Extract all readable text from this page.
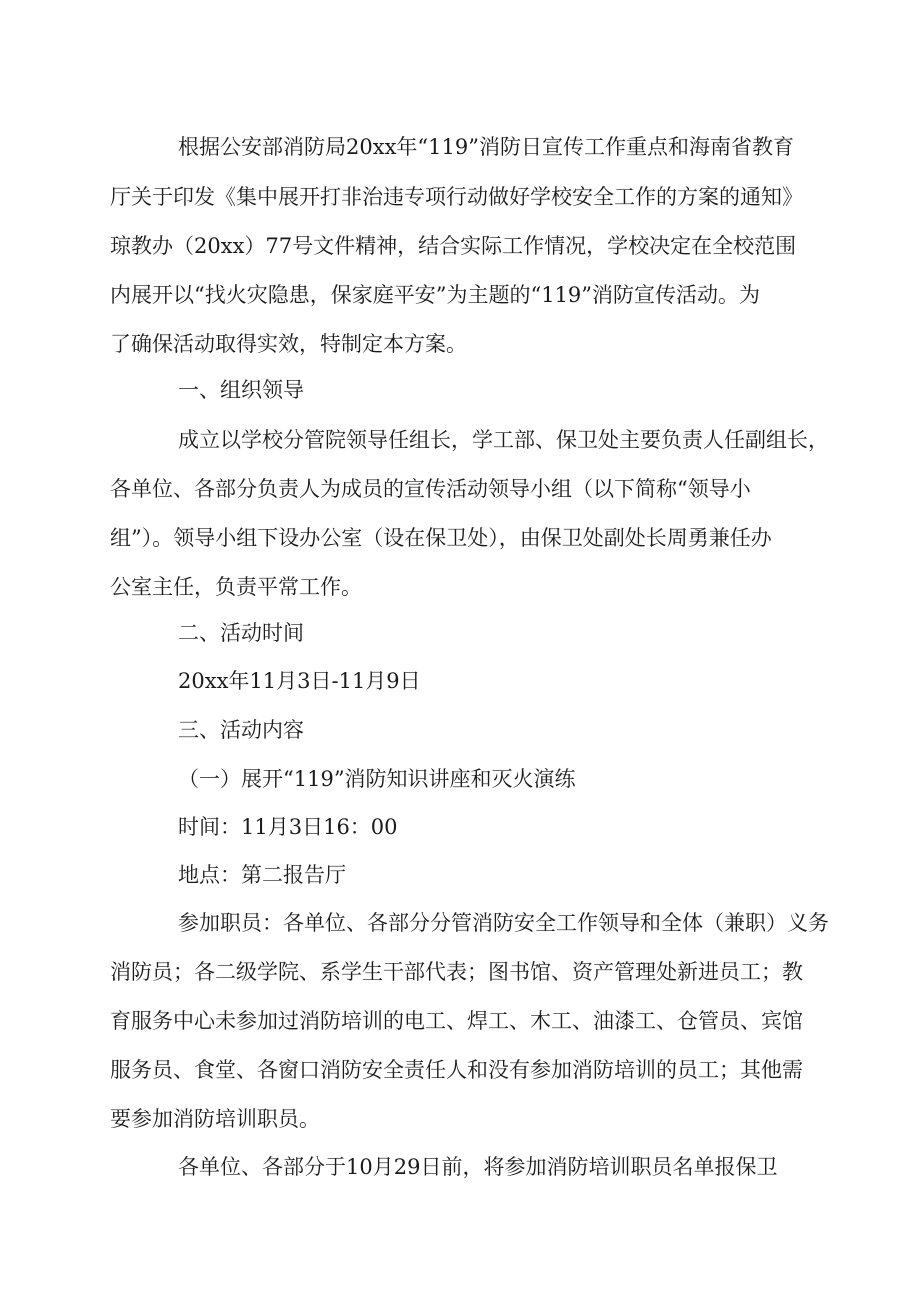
根据公安部消防局20xx年“119”消防日宣传工作重点和海南省教育
厅关于印发《集中展开打非治违专项行动做好学校安全工作的方案的通知》
琼教办（20xx）77号文件精神，结合实际工作情况，学校决定在全校范围
内展开以“找火灾隐患，保家庭平安”为主题的“119”消防宣传活动。为
了确保活动取得实效，特制定本方案。
一、组织领导
成立以学校分管院领导任组长，学工部、保卫处主要负责人任副组长，
各单位、各部分负责人为成员的宣传活动领导小组（以下简称“领导小
组”）。领导小组下设办公室（设在保卫处），由保卫处副处长周勇兼任办
公室主任，负责平常工作。
二、活动时间
20xx年11月3日-11月9日
三、活动内容
（一）展开“119”消防知识讲座和灭火演练
时间：11月3日16：00
地点：第二报告厅
参加职员：各单位、各部分分管消防安全工作领导和全体（兼职）义务
消防员；各二级学院、系学生干部代表；图书馆、资产管理处新进员工；教
育服务中心未参加过消防培训的电工、焊工、木工、油漆工、仓管员、宾馆
服务员、食堂、各窗口消防安全责任人和没有参加消防培训的员工；其他需
要参加消防培训职员。
各单位、各部分于10月29日前，将参加消防培训职员名单报保卫
